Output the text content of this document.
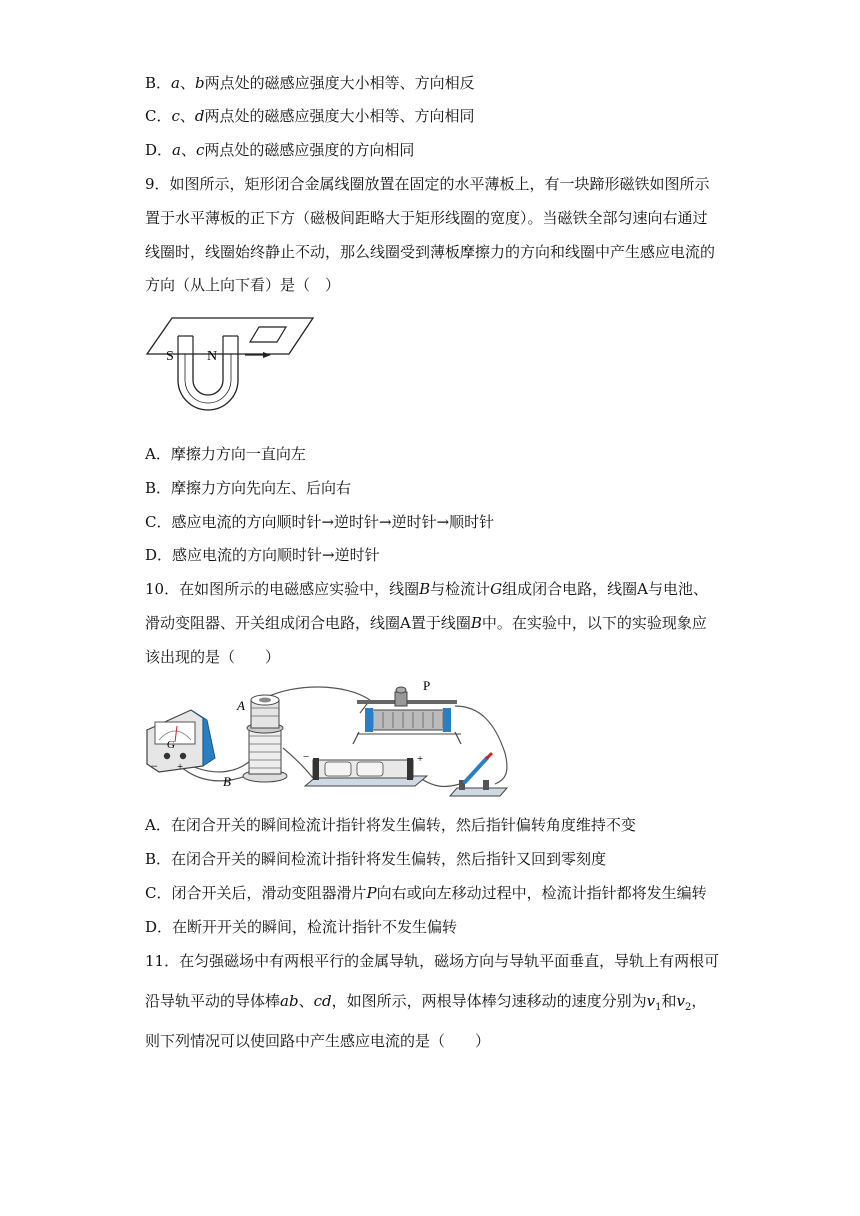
B．a、b两点处的磁感应强度大小相等、方向相反
C．c、d两点处的磁感应强度大小相等、方向相同
D．a、c两点处的磁感应强度的方向相同
9．如图所示，矩形闭合金属线圈放置在固定的水平薄板上，有一块蹄形磁铁如图所示
置于水平薄板的正下方（磁极间距略大于矩形线圈的宽度）。当磁铁全部匀速向右通过
线圈时，线圈始终静止不动，那么线圈受到薄板摩擦力的方向和线圈中产生感应电流的
方向（从上向下看）是（　）
S N
A．摩擦力方向一直向左
B．摩擦力方向先向左、后向右
C．感应电流的方向顺时针→逆时针→逆时针→顺时针
D．感应电流的方向顺时针→逆时针
10．在如图所示的电磁感应实验中，线圈B与检流计G组成闭合电路，线圈A与电池、
滑动变阻器、开关组成闭合电路，线圈A置于线圈B中。在实验中，以下的实验现象应
该出现的是（　　）
G
− +
A
B
P
−	+
A．在闭合开关的瞬间检流计指针将发生偏转，然后指针偏转角度维持不变
B．在闭合开关的瞬间检流计指针将发生偏转，然后指针又回到零刻度
C．闭合开关后，滑动变阻器滑片P向右或向左移动过程中，检流计指针都将发生编转
D．在断开开关的瞬间，检流计指针不发生偏转
11．在匀强磁场中有两根平行的金属导轨，磁场方向与导轨平面垂直，导轨上有两根可
沿导轨平动的导体棒ab、cd，如图所示，两根导体棒匀速移动的速度分别为$v_1$和$v_2$，
则下列情况可以使回路中产生感应电流的是（　　）
